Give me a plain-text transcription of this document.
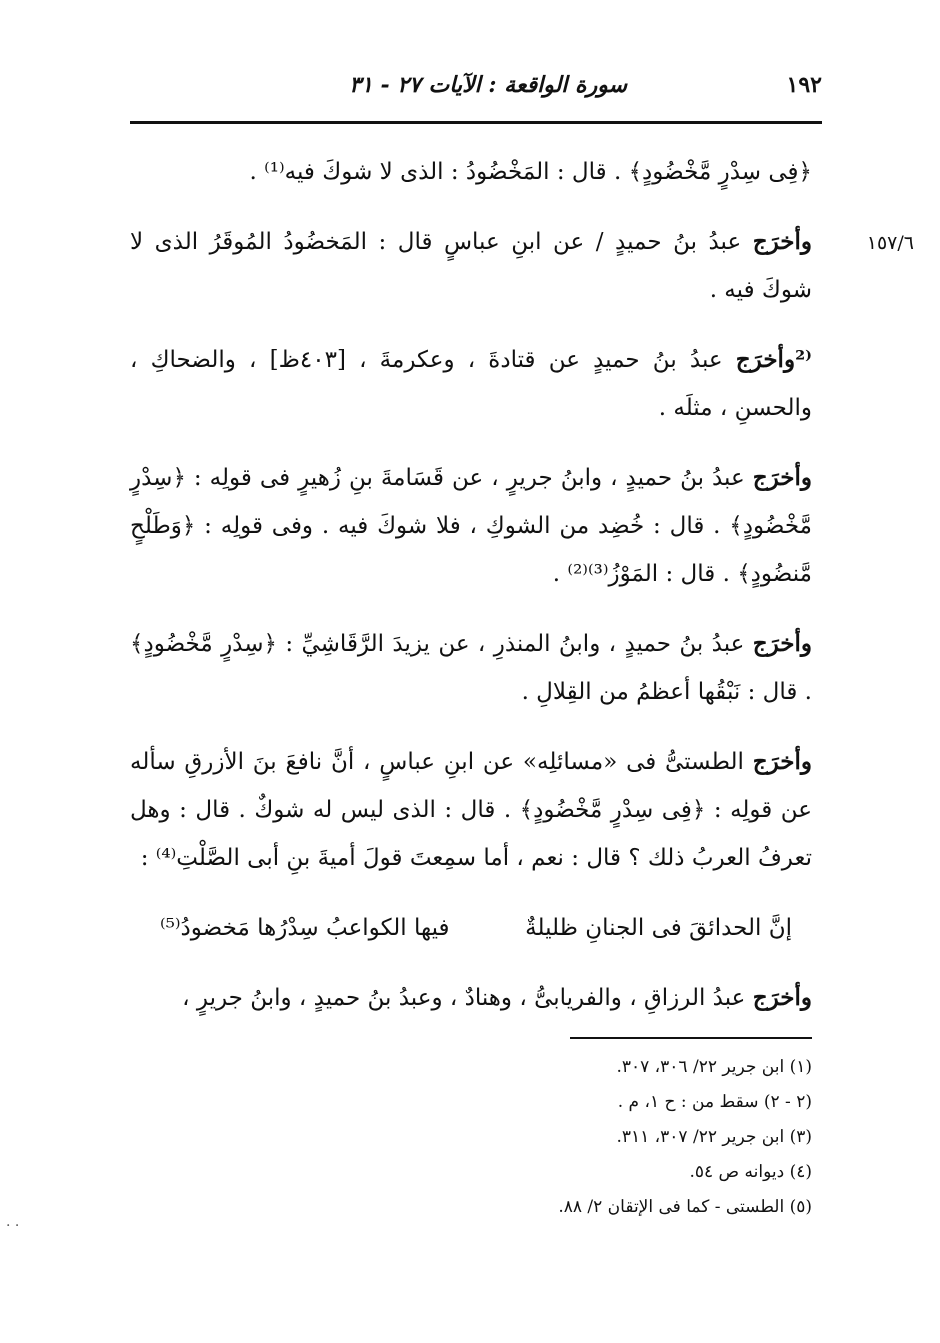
١٩٢
سورة الواقعة : الآيات ٢٧ - ٣١
١٥٧/٦

﴿فِى سِدْرٍ مَّخْضُودٍ﴾ . قال : المَخْضُودُ : الذى لا شوكَ فيه⁽¹⁾ .

وأخرَج عبدُ بنُ حميدٍ / عن ابنِ عباسٍ قال : المَخضُودُ المُوقَرُ الذى لا شوكَ فيه .

⁽²وأخرَج عبدُ بنُ حميدٍ عن قتادةَ ، وعكرمةَ ، [٤٠٣ظ] ، والضحاكِ ، والحسنِ ، مثلَه .

وأخرَج عبدُ بنُ حميدٍ ، وابنُ جريرٍ ، عن قَسَامةَ بنِ زُهيرٍ فى قولِه : ﴿سِدْرٍ مَّخْضُودٍ﴾ . قال : خُضِد من الشوكِ ، فلا شوكَ فيه . وفى قولِه : ﴿وَطَلْحٍ مَّنضُودٍ﴾ . قال : المَوْزُ⁽³⁾⁽²⁾ .

وأخرَج عبدُ بنُ حميدٍ ، وابنُ المنذرِ ، عن يزيدَ الرَّقَاشِيِّ : ﴿سِدْرٍ مَّخْضُودٍ﴾ . قال : نَبْقُها أعظمُ من القِلالِ .

وأخرَج الطستىُّ فى «مسائلِه» عن ابنِ عباسٍ ، أنَّ نافعَ بنَ الأزرقِ سأله عن قولِه : ﴿فِى سِدْرٍ مَّخْضُودٍ﴾ . قال : الذى ليس له شوكٌ . قال : وهل تعرفُ العربُ ذلك ؟ قال : نعم ، أما سمِعتَ قولَ أميةَ بنِ أبى الصَّلْتِ⁽⁴⁾ :

إنَّ الحدائقَ فى الجنانِ ظليلةٌ
فيها الكواعبُ سِدْرُها مَخضودُ⁽⁵⁾

وأخرَج عبدُ الرزاقِ ، والفريابىُّ ، وهنادٌ ، وعبدُ بنُ حميدٍ ، وابنُ جريرٍ ،

(١) ابن جرير ٢٢/ ٣٠٦، ٣٠٧.

(٢ - ٢) سقط من : ح ١، م .

(٣) ابن جرير ٢٢/ ٣٠٧، ٣١١.

(٤) ديوانه ص ٥٤.

(٥) الطستى - كما فى الإتقان ٢/ ٨٨.

· ·
